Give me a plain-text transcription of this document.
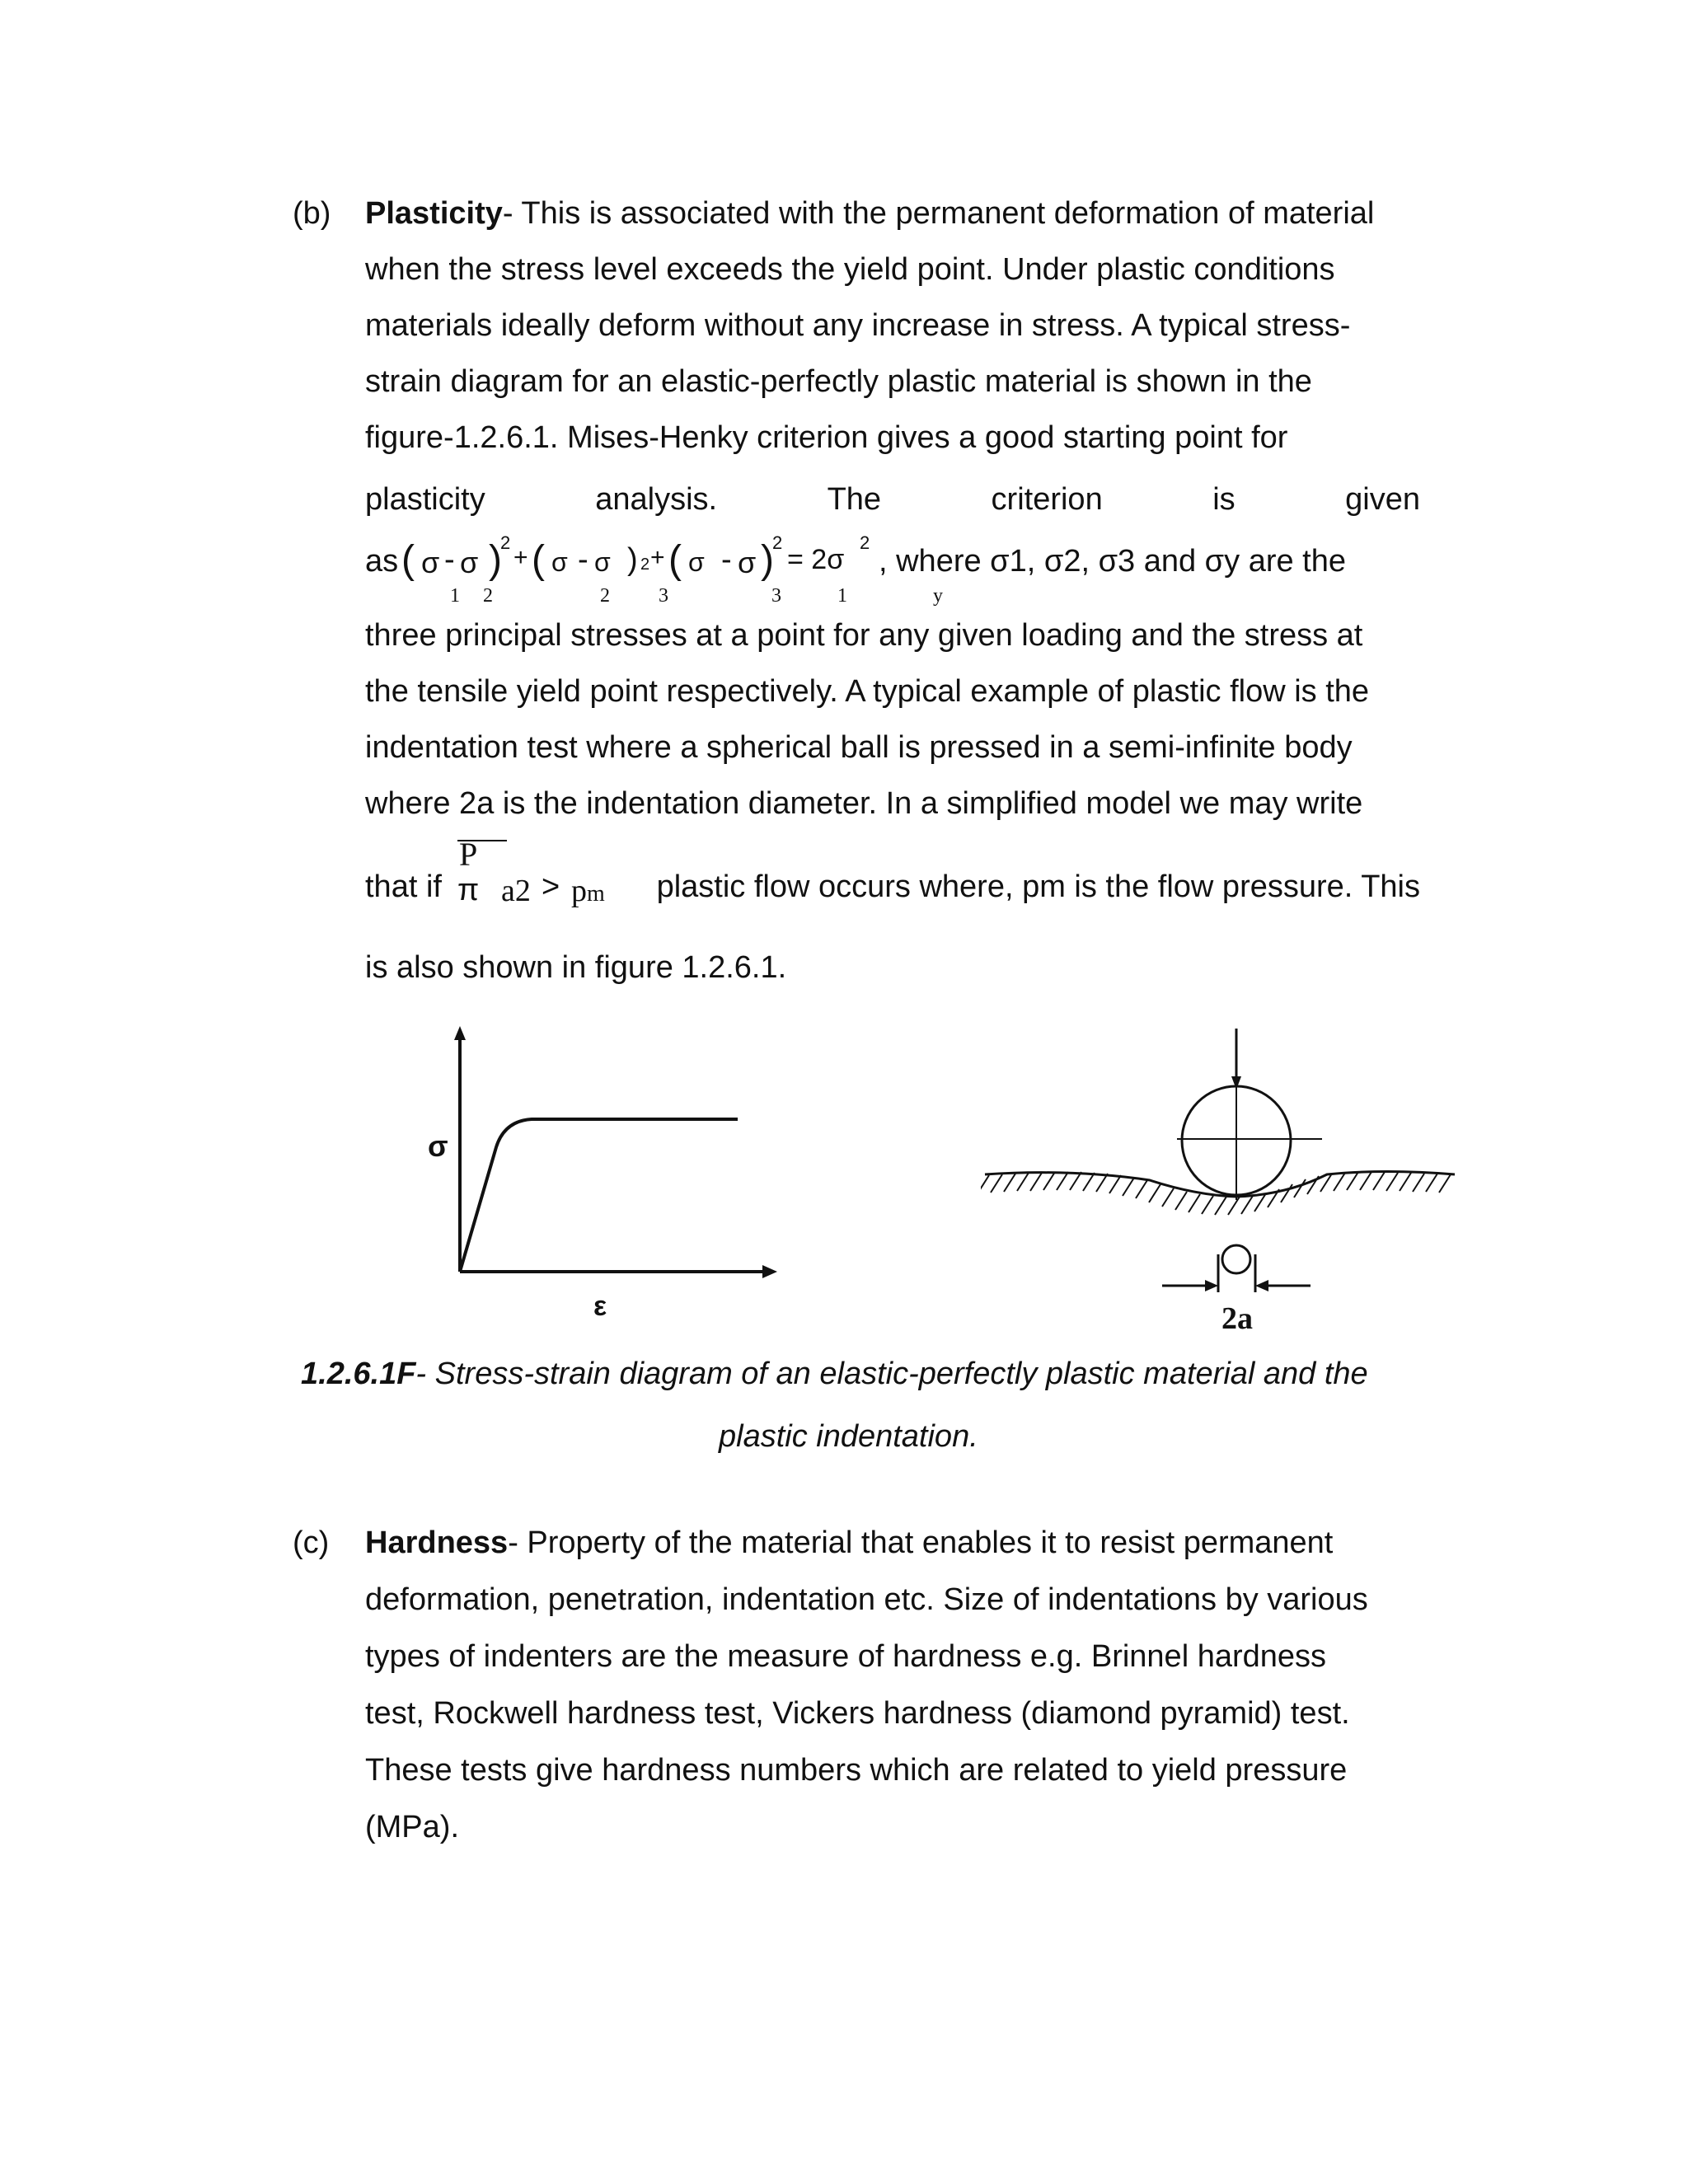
(b) Plasticity- This is associated with the permanent deformation of material
when the stress level exceeds the yield point. Under plastic conditions
materials ideally deform without any increase in stress. A typical stress-
strain diagram for an elastic-perfectly plastic material is shown in the
figure-1.2.6.1. Mises-Henky criterion gives a good starting point for
plasticity	analysis.	The	criterion	is	given
as ( σ - σ )
2
+ ( σ - σ ) 2 + ( σ - σ )
2
= 2σ
2
, where σ1, σ2, σ3 and σy are the
1 2	2 3	3	1	y
three principal stresses at a point for any given loading and the stress at
the tensile yield point respectively. A typical example of plastic flow is the
indentation test where a spherical ball is pressed in a semi-infinite body
where 2a is the indentation diameter. In a simplified model we may write
that if
P
π a2 > pm	plastic flow occurs where, pm is the flow pressure. This
is also shown in figure 1.2.6.1.
σ
ε	2a
1.2.6.1F- Stress-strain diagram of an elastic-perfectly plastic material and the
plastic indentation.
(c) Hardness- Property of the material that enables it to resist permanent
deformation, penetration, indentation etc. Size of indentations by various
types of indenters are the measure of hardness e.g. Brinnel hardness
test, Rockwell hardness test, Vickers hardness (diamond pyramid) test.
These tests give hardness numbers which are related to yield pressure
(MPa).
